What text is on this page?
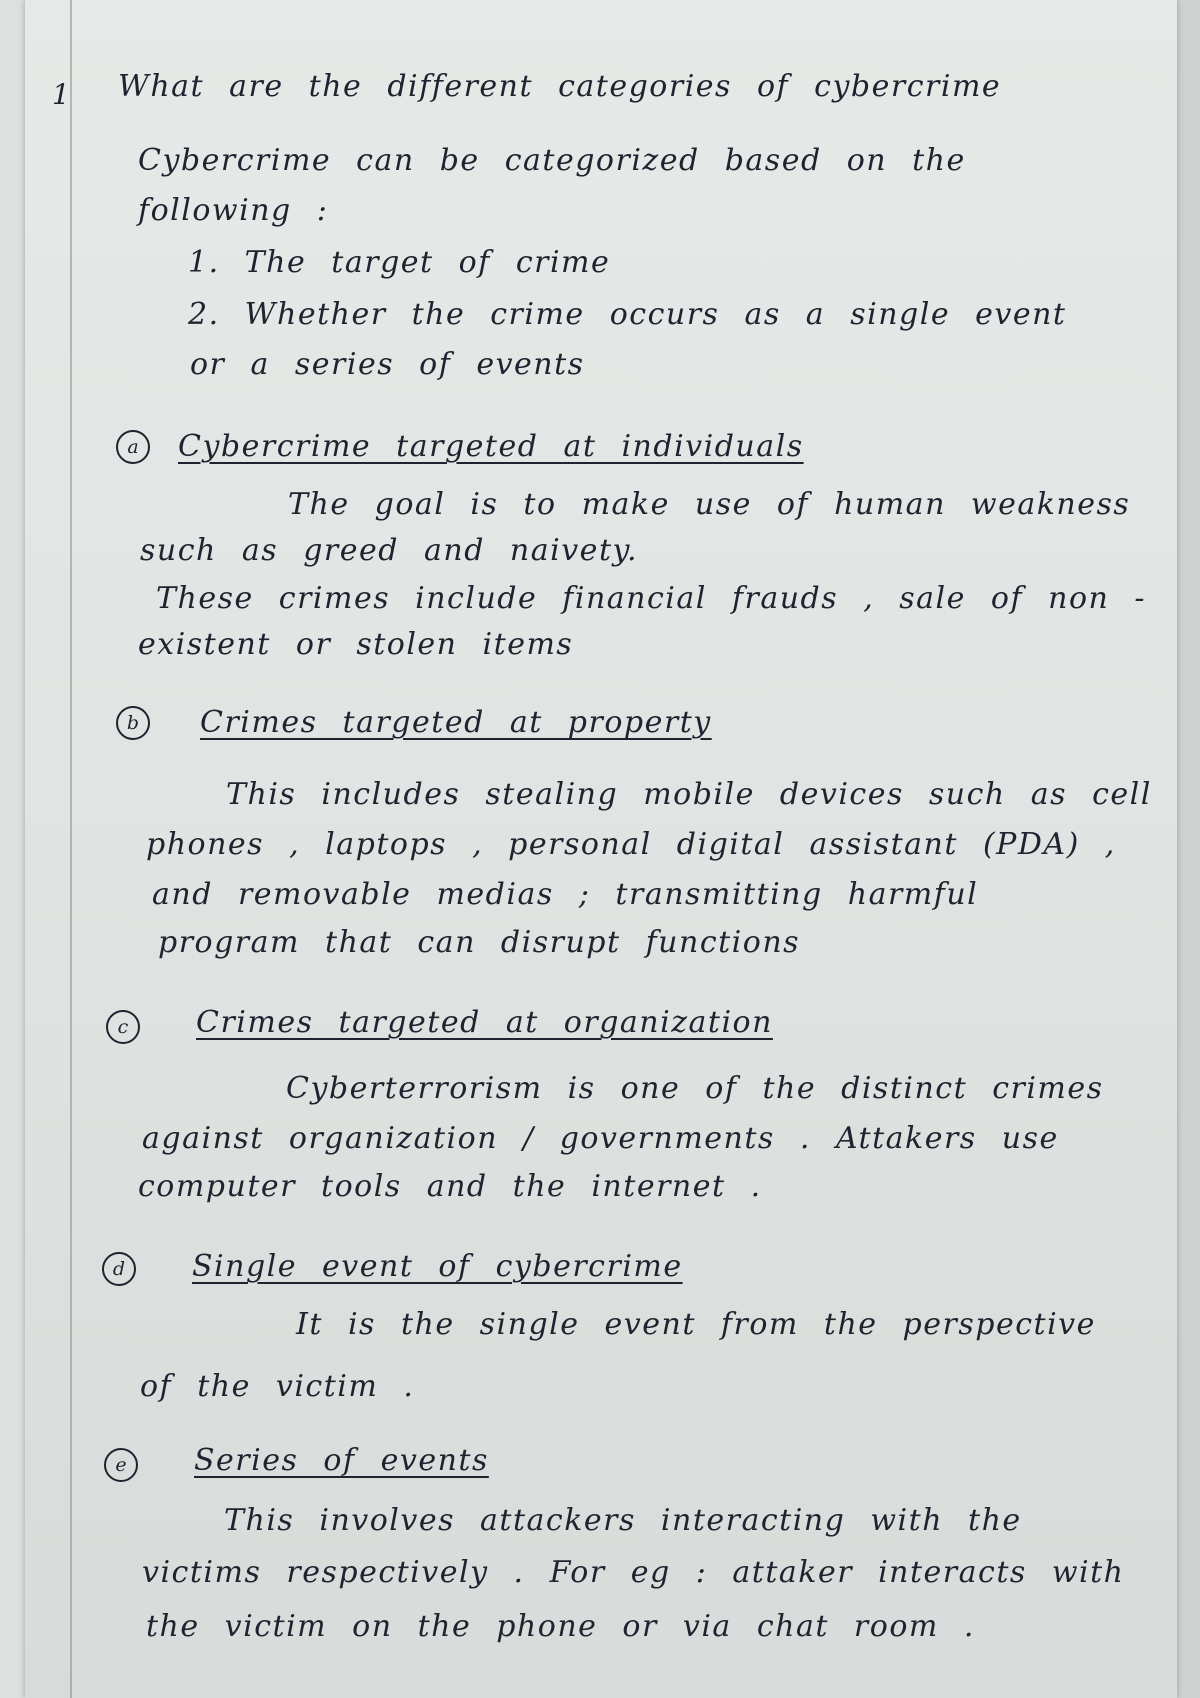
1 What are the different categories of cybercrime
Cybercrime can be categorized based on the
following :
1. The target of crime
2. Whether the crime occurs as a single event
or a series of events
a	Cybercrime targeted at individuals
The goal is to make use of human weakness
such as greed and naivety.
These crimes include financial frauds , sale of non -
existent or stolen items
b	Crimes targeted at property
This includes stealing mobile devices such as cell
phones , laptops , personal digital assistant (PDA) ,
and removable medias ; transmitting harmful
program that can disrupt functions
c	Crimes targeted at organization
Cyberterrorism is one of the distinct crimes
against organization / governments . Attakers use
computer tools and the internet .
d	Single event of cybercrime
It is the single event from the perspective
of the victim .
e	Series of events
This involves attackers interacting with the
victims respectively . For eg : attaker interacts with
the victim on the phone or via chat room .
